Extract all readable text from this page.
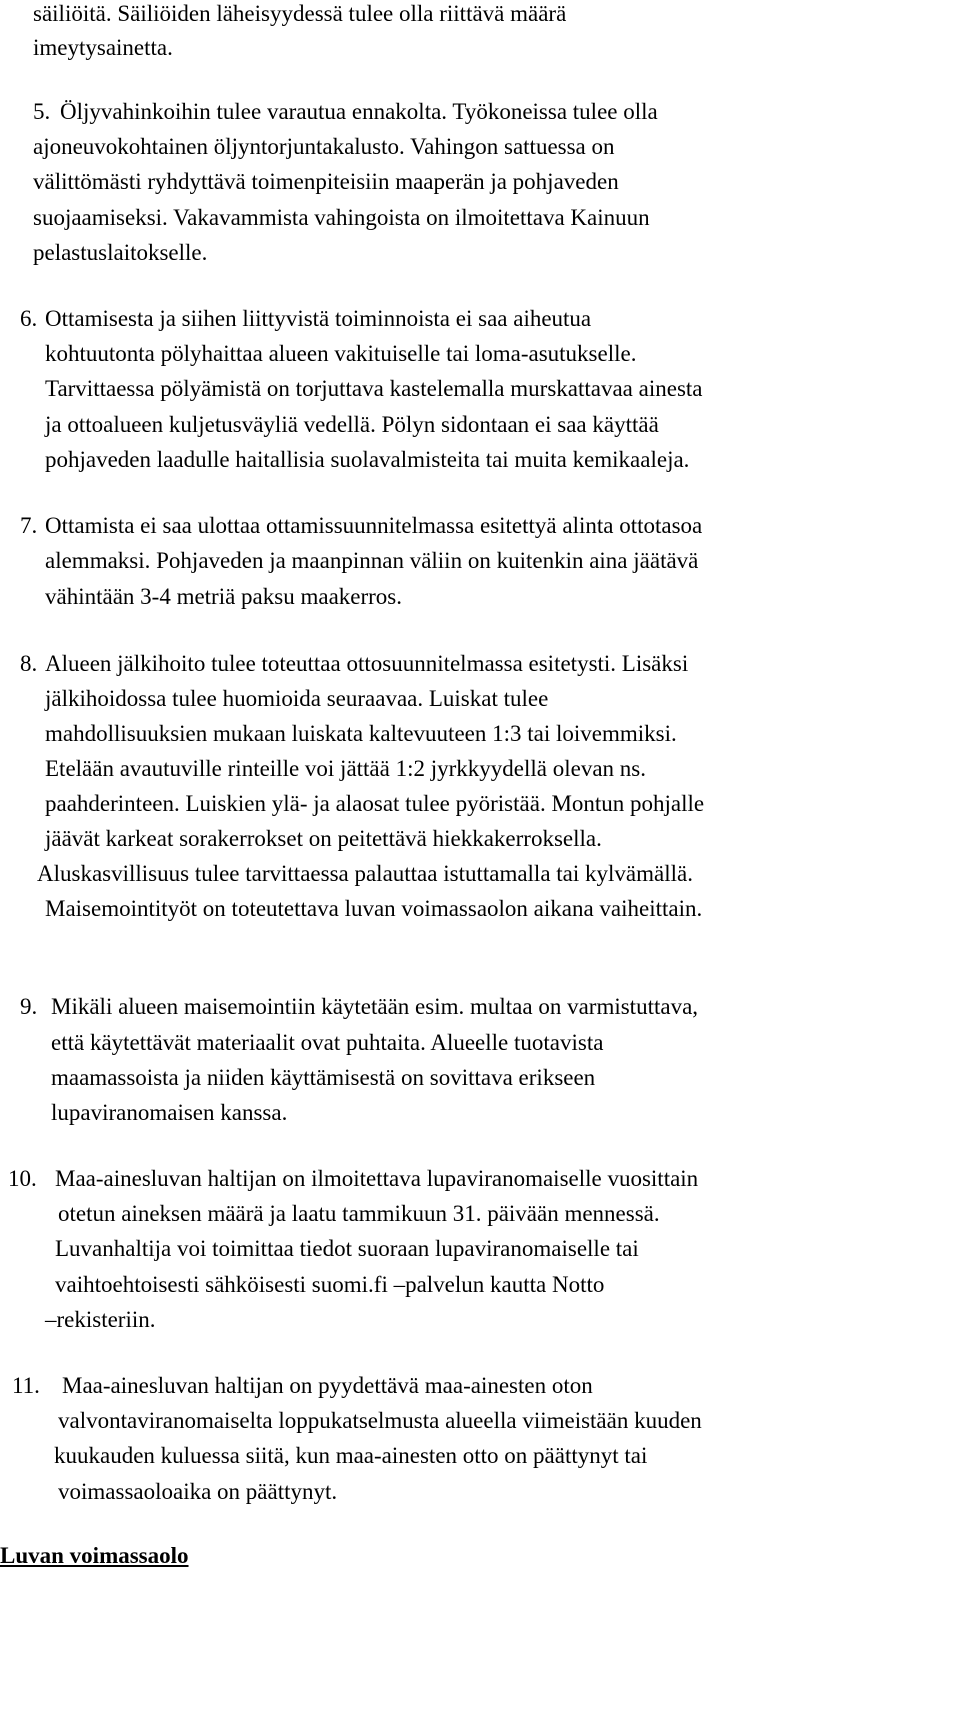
säiliöitä. Säiliöiden läheisyydessä tulee olla riittävä määrä
imeytysainetta.
5. Öljyvahinkoihin tulee varautua ennakolta. Työkoneissa tulee olla
ajoneuvokohtainen öljyntorjuntakalusto. Vahingon sattuessa on
välittömästi ryhdyttävä toimenpiteisiin maaperän ja pohjaveden
suojaamiseksi. Vakavammista vahingoista on ilmoitettava Kainuun
pelastuslaitokselle.
6. Ottamisesta ja siihen liittyvistä toiminnoista ei saa aiheutua
kohtuutonta pölyhaittaa alueen vakituiselle tai loma-asutukselle.
Tarvittaessa pölyämistä on torjuttava kastelemalla murskattavaa ainesta
ja ottoalueen kuljetusväyliä vedellä. Pölyn sidontaan ei saa käyttää
pohjaveden laadulle haitallisia suolavalmisteita tai muita kemikaaleja.
7. Ottamista ei saa ulottaa ottamissuunnitelmassa esitettyä alinta ottotasoa
alemmaksi. Pohjaveden ja maanpinnan väliin on kuitenkin aina jäätävä
vähintään 3-4 metriä paksu maakerros.
8. Alueen jälkihoito tulee toteuttaa ottosuunnitelmassa esitetysti. Lisäksi
jälkihoidossa tulee huomioida seuraavaa. Luiskat tulee
mahdollisuuksien mukaan luiskata kaltevuuteen 1:3 tai loivemmiksi.
Etelään avautuville rinteille voi jättää 1:2 jyrkkyydellä olevan ns.
paahderinteen. Luiskien ylä- ja alaosat tulee pyöristää. Montun pohjalle
jäävät karkeat sorakerrokset on peitettävä hiekkakerroksella.
Aluskasvillisuus tulee tarvittaessa palauttaa istuttamalla tai kylvämällä.
Maisemointityöt on toteutettava luvan voimassaolon aikana vaiheittain.
9. Mikäli alueen maisemointiin käytetään esim. multaa on varmistuttava,
että käytettävät materiaalit ovat puhtaita. Alueelle tuotavista
maamassoista ja niiden käyttämisestä on sovittava erikseen
lupaviranomaisen kanssa.
10. Maa-ainesluvan haltijan on ilmoitettava lupaviranomaiselle vuosittain
otetun aineksen määrä ja laatu tammikuun 31. päivään mennessä.
Luvanhaltija voi toimittaa tiedot suoraan lupaviranomaiselle tai
vaihtoehtoisesti sähköisesti suomi.fi –palvelun kautta Notto
–rekisteriin.
11. Maa-ainesluvan haltijan on pyydettävä maa-ainesten oton
valvontaviranomaiselta loppukatselmusta alueella viimeistään kuuden
kuukauden kuluessa siitä, kun maa-ainesten otto on päättynyt tai
voimassaoloaika on päättynyt.
Luvan voimassaolo
